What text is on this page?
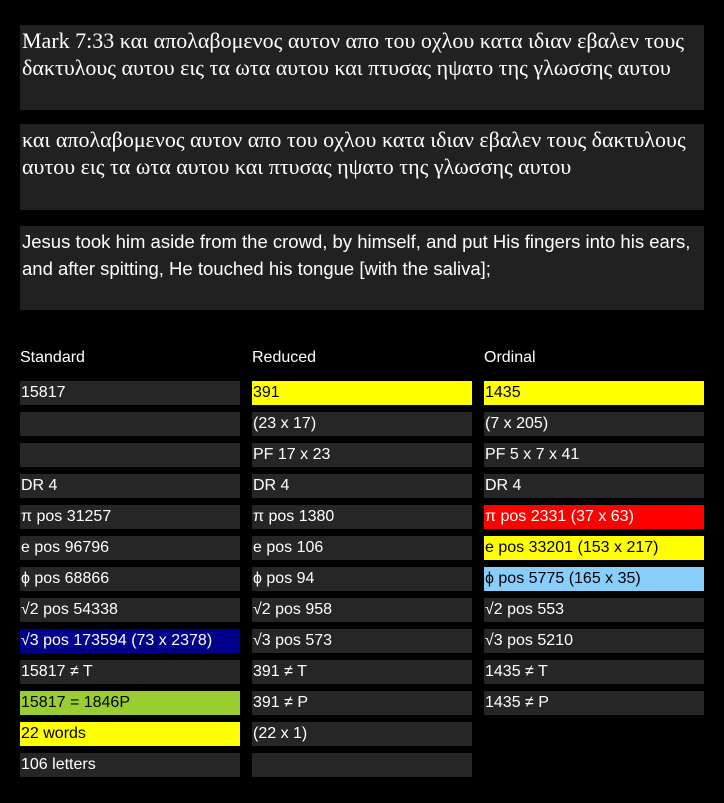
Mark 7:33 και απολαβομενος αυτον απο του οχλου κατα ιδιαν εβαλεν τους δακτυλους αυτου εις τα ωτα αυτου και πτυσας ηψατο της γλωσσης αυτου
και απολαβομενος αυτον απο του οχλου κατα ιδιαν εβαλεν τους δακτυλους αυτου εις τα ωτα αυτου και πτυσας ηψατο της γλωσσης αυτου
Jesus took him aside from the crowd, by himself, and put His fingers into his ears, and after spitting, He touched his tongue [with the saliva];
Standard	Reduced	Ordinal
15817
DR 4
π pos 31257
e pos 96796
ϕ pos 68866
√2 pos 54338
√3 pos 173594 (73 x 2378)
15817 ≠ T
15817 = 1846P
22 words
106 letters
391
(23 x 17)
PF 17 x 23
DR 4
π pos 1380
e pos 106
ϕ pos 94
√2 pos 958
√3 pos 573
391 ≠ T
391 ≠ P
(22 x 1)
1435
(7 x 205)
PF 5 x 7 x 41
DR 4
π pos 2331 (37 x 63)
e pos 33201 (153 x 217)
ϕ pos 5775 (165 x 35)
√2 pos 553
√3 pos 5210
1435 ≠ T
1435 ≠ P
